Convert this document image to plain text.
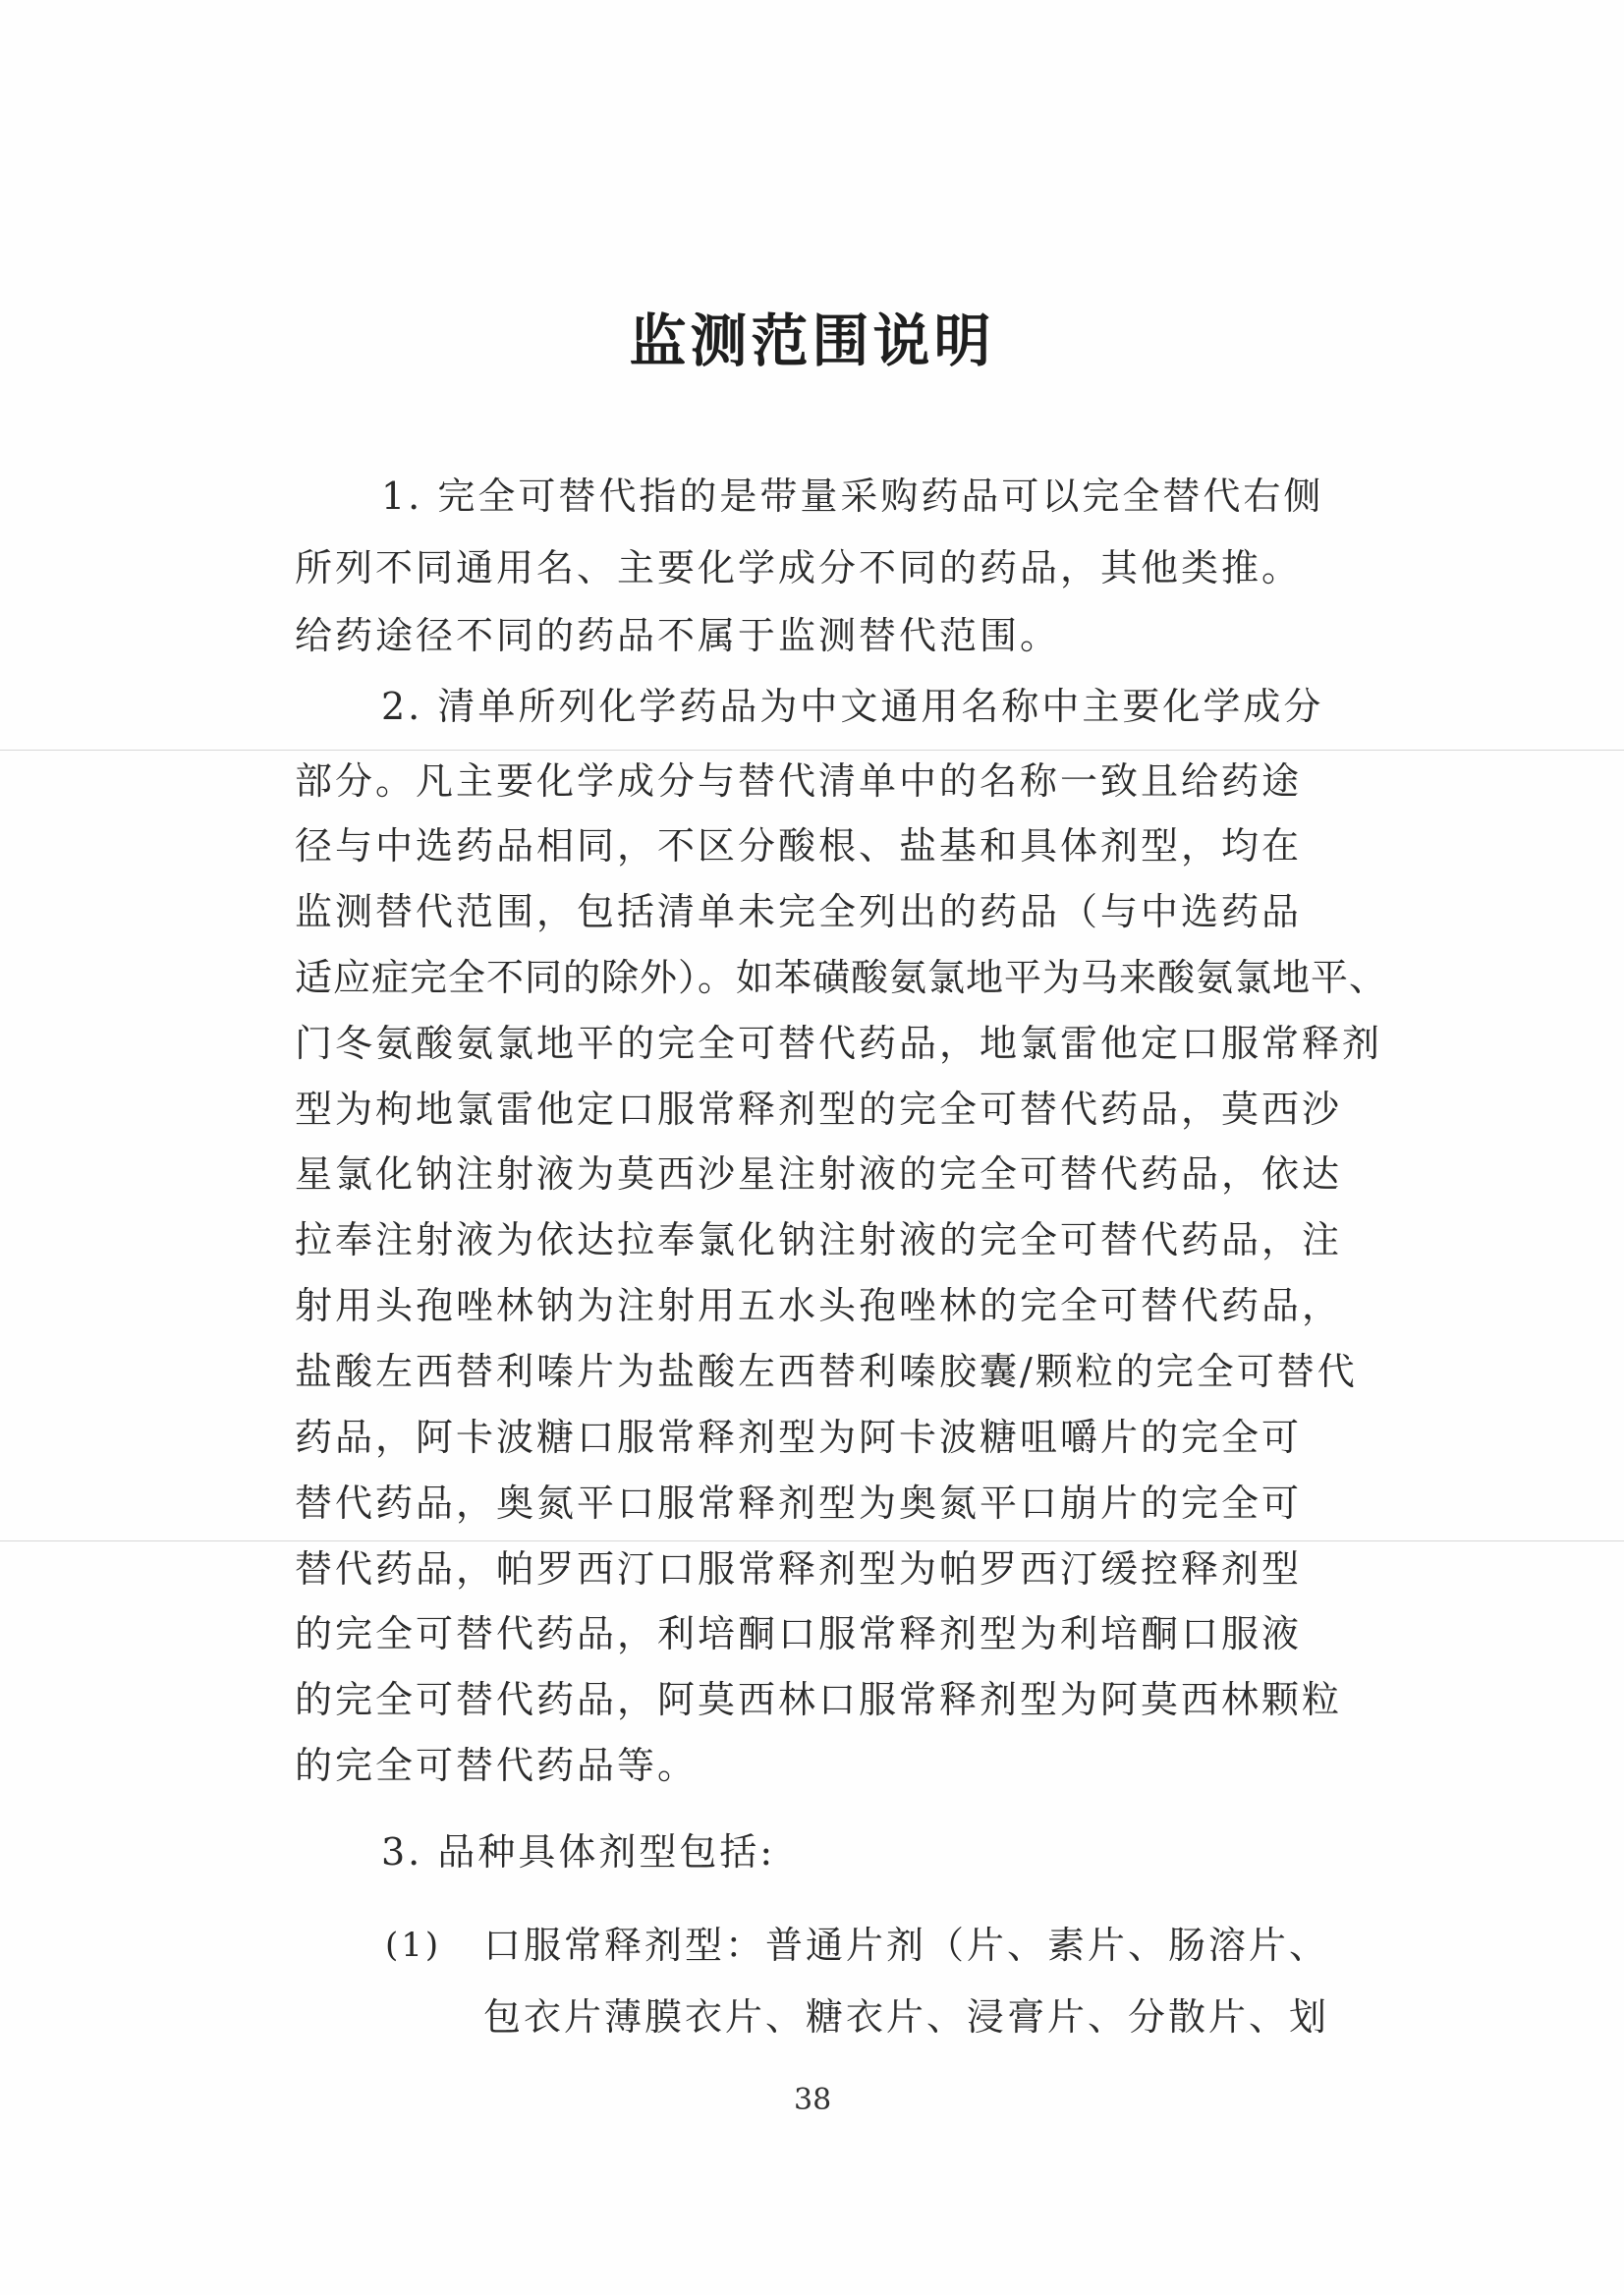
监测范围说明
1. 完全可替代指的是带量采购药品可以完全替代右侧
所列不同通用名、主要化学成分不同的药品，其他类推。
给药途径不同的药品不属于监测替代范围。
2. 清单所列化学药品为中文通用名称中主要化学成分
部分。凡主要化学成分与替代清单中的名称一致且给药途
径与中选药品相同，不区分酸根、盐基和具体剂型，均在
监测替代范围，包括清单未完全列出的药品（与中选药品
适应症完全不同的除外）。如苯磺酸氨氯地平为马来酸氨氯地平、
门冬氨酸氨氯地平的完全可替代药品，地氯雷他定口服常释剂
型为枸地氯雷他定口服常释剂型的完全可替代药品，莫西沙
星氯化钠注射液为莫西沙星注射液的完全可替代药品，依达
拉奉注射液为依达拉奉氯化钠注射液的完全可替代药品，注
射用头孢唑林钠为注射用五水头孢唑林的完全可替代药品，
盐酸左西替利嗪片为盐酸左西替利嗪胶囊/颗粒的完全可替代
药品，阿卡波糖口服常释剂型为阿卡波糖咀嚼片的完全可
替代药品，奥氮平口服常释剂型为奥氮平口崩片的完全可
替代药品，帕罗西汀口服常释剂型为帕罗西汀缓控释剂型
的完全可替代药品，利培酮口服常释剂型为利培酮口服液
的完全可替代药品，阿莫西林口服常释剂型为阿莫西林颗粒
的完全可替代药品等。
3. 品种具体剂型包括:
(1) 口服常释剂型：普通片剂（片、素片、肠溶片、
包衣片薄膜衣片、糖衣片、浸膏片、分散片、划
38
